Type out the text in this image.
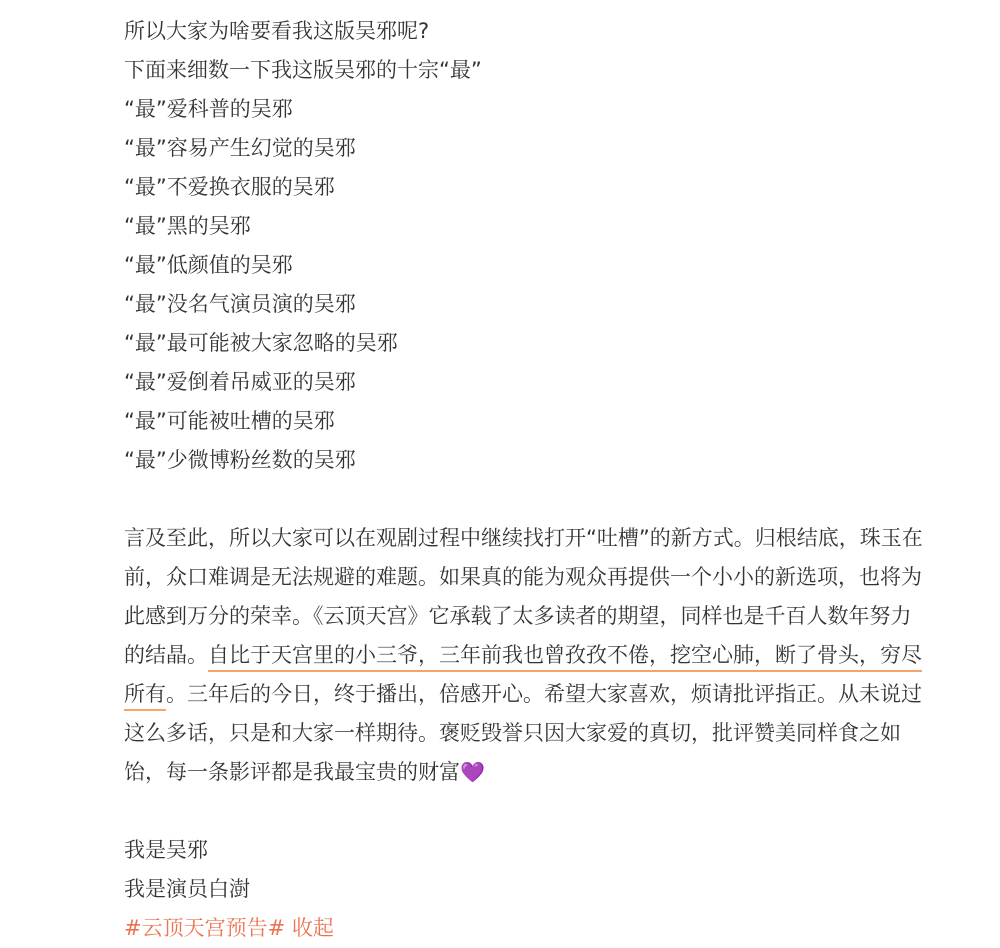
所以大家为啥要看我这版吴邪呢?
下面来细数一下我这版吴邪的十宗“最”
“最”爱科普的吴邪
“最”容易产生幻觉的吴邪
“最”不爱换衣服的吴邪
“最”黑的吴邪
“最”低颜值的吴邪
“最”没名气演员演的吴邪
“最”最可能被大家忽略的吴邪
“最”爱倒着吊威亚的吴邪
“最”可能被吐槽的吴邪
“最”少微博粉丝数的吴邪
言及至此，所以大家可以在观剧过程中继续找打开“吐槽”的新方式。归根结底，珠玉在
前，众口难调是无法规避的难题。如果真的能为观众再提供一个小小的新选项，也将为
此感到万分的荣幸。《云顶天宫》它承载了太多读者的期望，同样也是千百人数年努力
的结晶。自比于天宫里的小三爷，三年前我也曾孜孜不倦，挖空心肺，断了骨头，穷尽
所有。三年后的今日，终于播出，倍感开心。希望大家喜欢，烦请批评指正。从未说过
这么多话，只是和大家一样期待。褒贬毁誉只因大家爱的真切，批评赞美同样食之如
饴，每一条影评都是我最宝贵的财富💜
我是吴邪
我是演员白澍
#云顶天宫预告# 收起
